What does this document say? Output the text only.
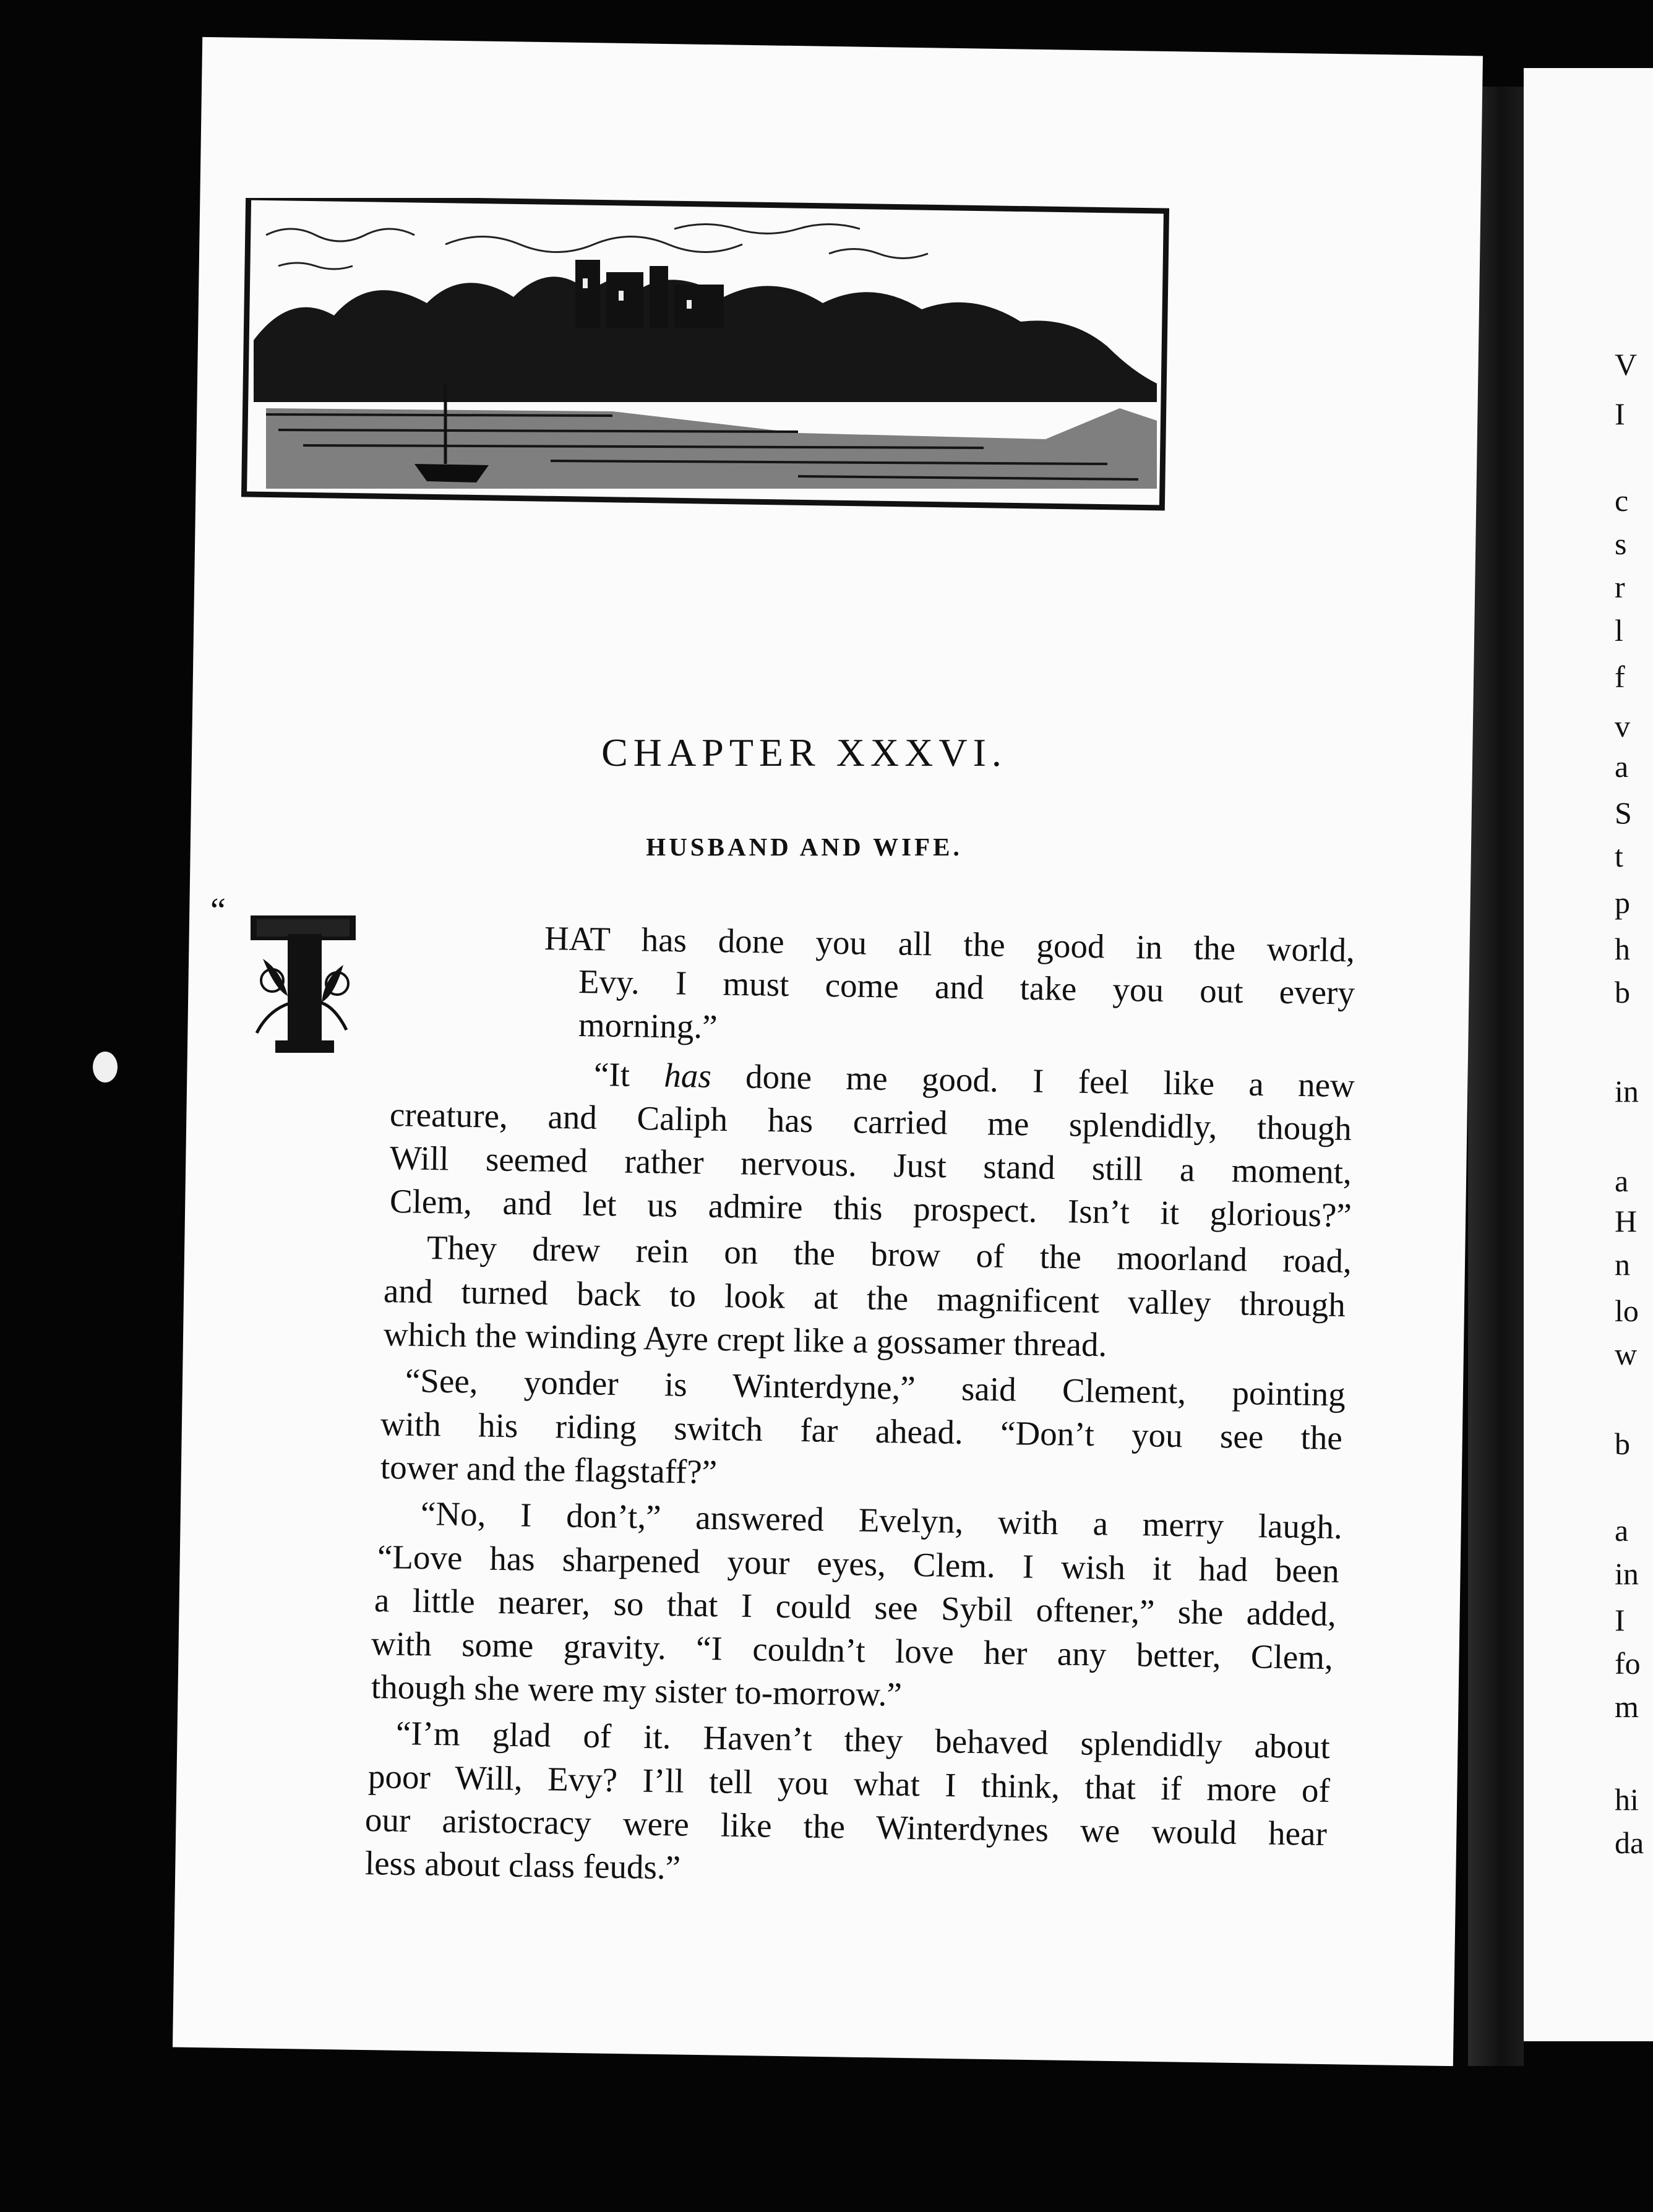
CHAPTER XXXVI.
HUSBAND AND WIFE.
“
HAT has done you all the good in the world,
Evy. I must come and take you out every
morning.”
“It has done me good. I feel like a new
creature, and Caliph has carried me splendidly, though
Will seemed rather nervous. Just stand still a moment,
Clem, and let us admire this prospect. Isn’t it glorious?”
They drew rein on the brow of the moorland road,
and turned back to look at the magnificent valley through
which the winding Ayre crept like a gossamer thread.
“See, yonder is Winterdyne,” said Clement, pointing
with his riding switch far ahead. “Don’t you see the
tower and the flagstaff?”
“No, I don’t,” answered Evelyn, with a merry laugh.
“Love has sharpened your eyes, Clem. I wish it had been
a little nearer, so that I could see Sybil oftener,” she added,
with some gravity. “I couldn’t love her any better, Clem,
though she were my sister to-morrow.”
“I’m glad of it. Haven’t they behaved splendidly about
poor Will, Evy? I’ll tell you what I think, that if more of
our aristocracy were like the Winterdynes we would hear
less about class feuds.”
V
I
c
s
r
l
f
v
a
S
t
p
h
b
in
a
H
n
lo
w
b
a
in
I
fo
m
hi
da
